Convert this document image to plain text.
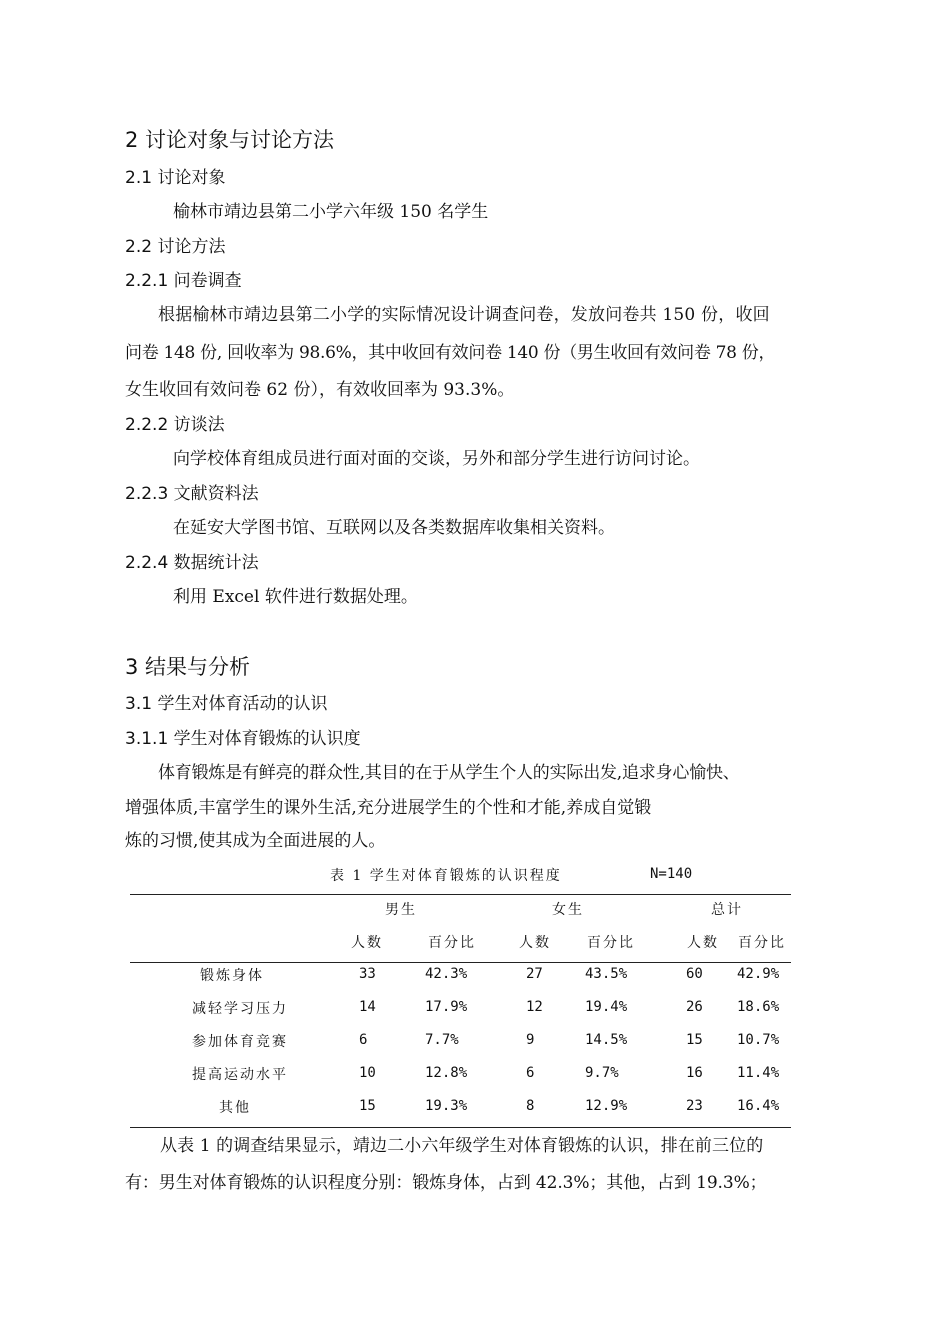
2 讨论对象与讨论方法
2.1 讨论对象
榆林市靖边县第二小学六年级 150 名学生
2.2 讨论方法
2.2.1 问卷调查
根据榆林市靖边县第二小学的实际情况设计调查问卷，发放问卷共 150 份，收回
问卷 148 份, 回收率为 98.6%，其中收回有效问卷 140 份（男生收回有效问卷 78 份，
女生收回有效问卷 62 份），有效收回率为 93.3%。
2.2.2 访谈法
向学校体育组成员进行面对面的交谈，另外和部分学生进行访问讨论。
2.2.3 文献资料法
在延安大学图书馆、互联网以及各类数据库收集相关资料。
2.2.4 数据统计法
利用 Excel 软件进行数据处理。
3 结果与分析
3.1 学生对体育活动的认识
3.1.1 学生对体育锻炼的认识度
体育锻炼是有鲜亮的群众性,其目的在于从学生个人的实际出发,追求身心愉快、
增强体质,丰富学生的课外生活,充分进展学生的个性和才能,养成自觉锻
炼的习惯,使其成为全面进展的人。
表 1 学生对体育锻炼的认识程度	N=140
男生	女生	总计
人数	百分比	人数	百分比	人数 百分比
锻炼身体	33	42.3%	27	43.5%	60 42.9%
减轻学习压力	14	17.9%	12	19.4%	26 18.6%
参加体育竞赛	6	7.7%	9	14.5%	15 10.7%
提高运动水平	10	12.8%	6	9.7%	16 11.4%
其他	15	19.3%	8	12.9%	23 16.4%
从表 1 的调查结果显示，靖边二小六年级学生对体育锻炼的认识，排在前三位的
有：男生对体育锻炼的认识程度分别：锻炼身体，占到 42.3%；其他，占到 19.3%；
